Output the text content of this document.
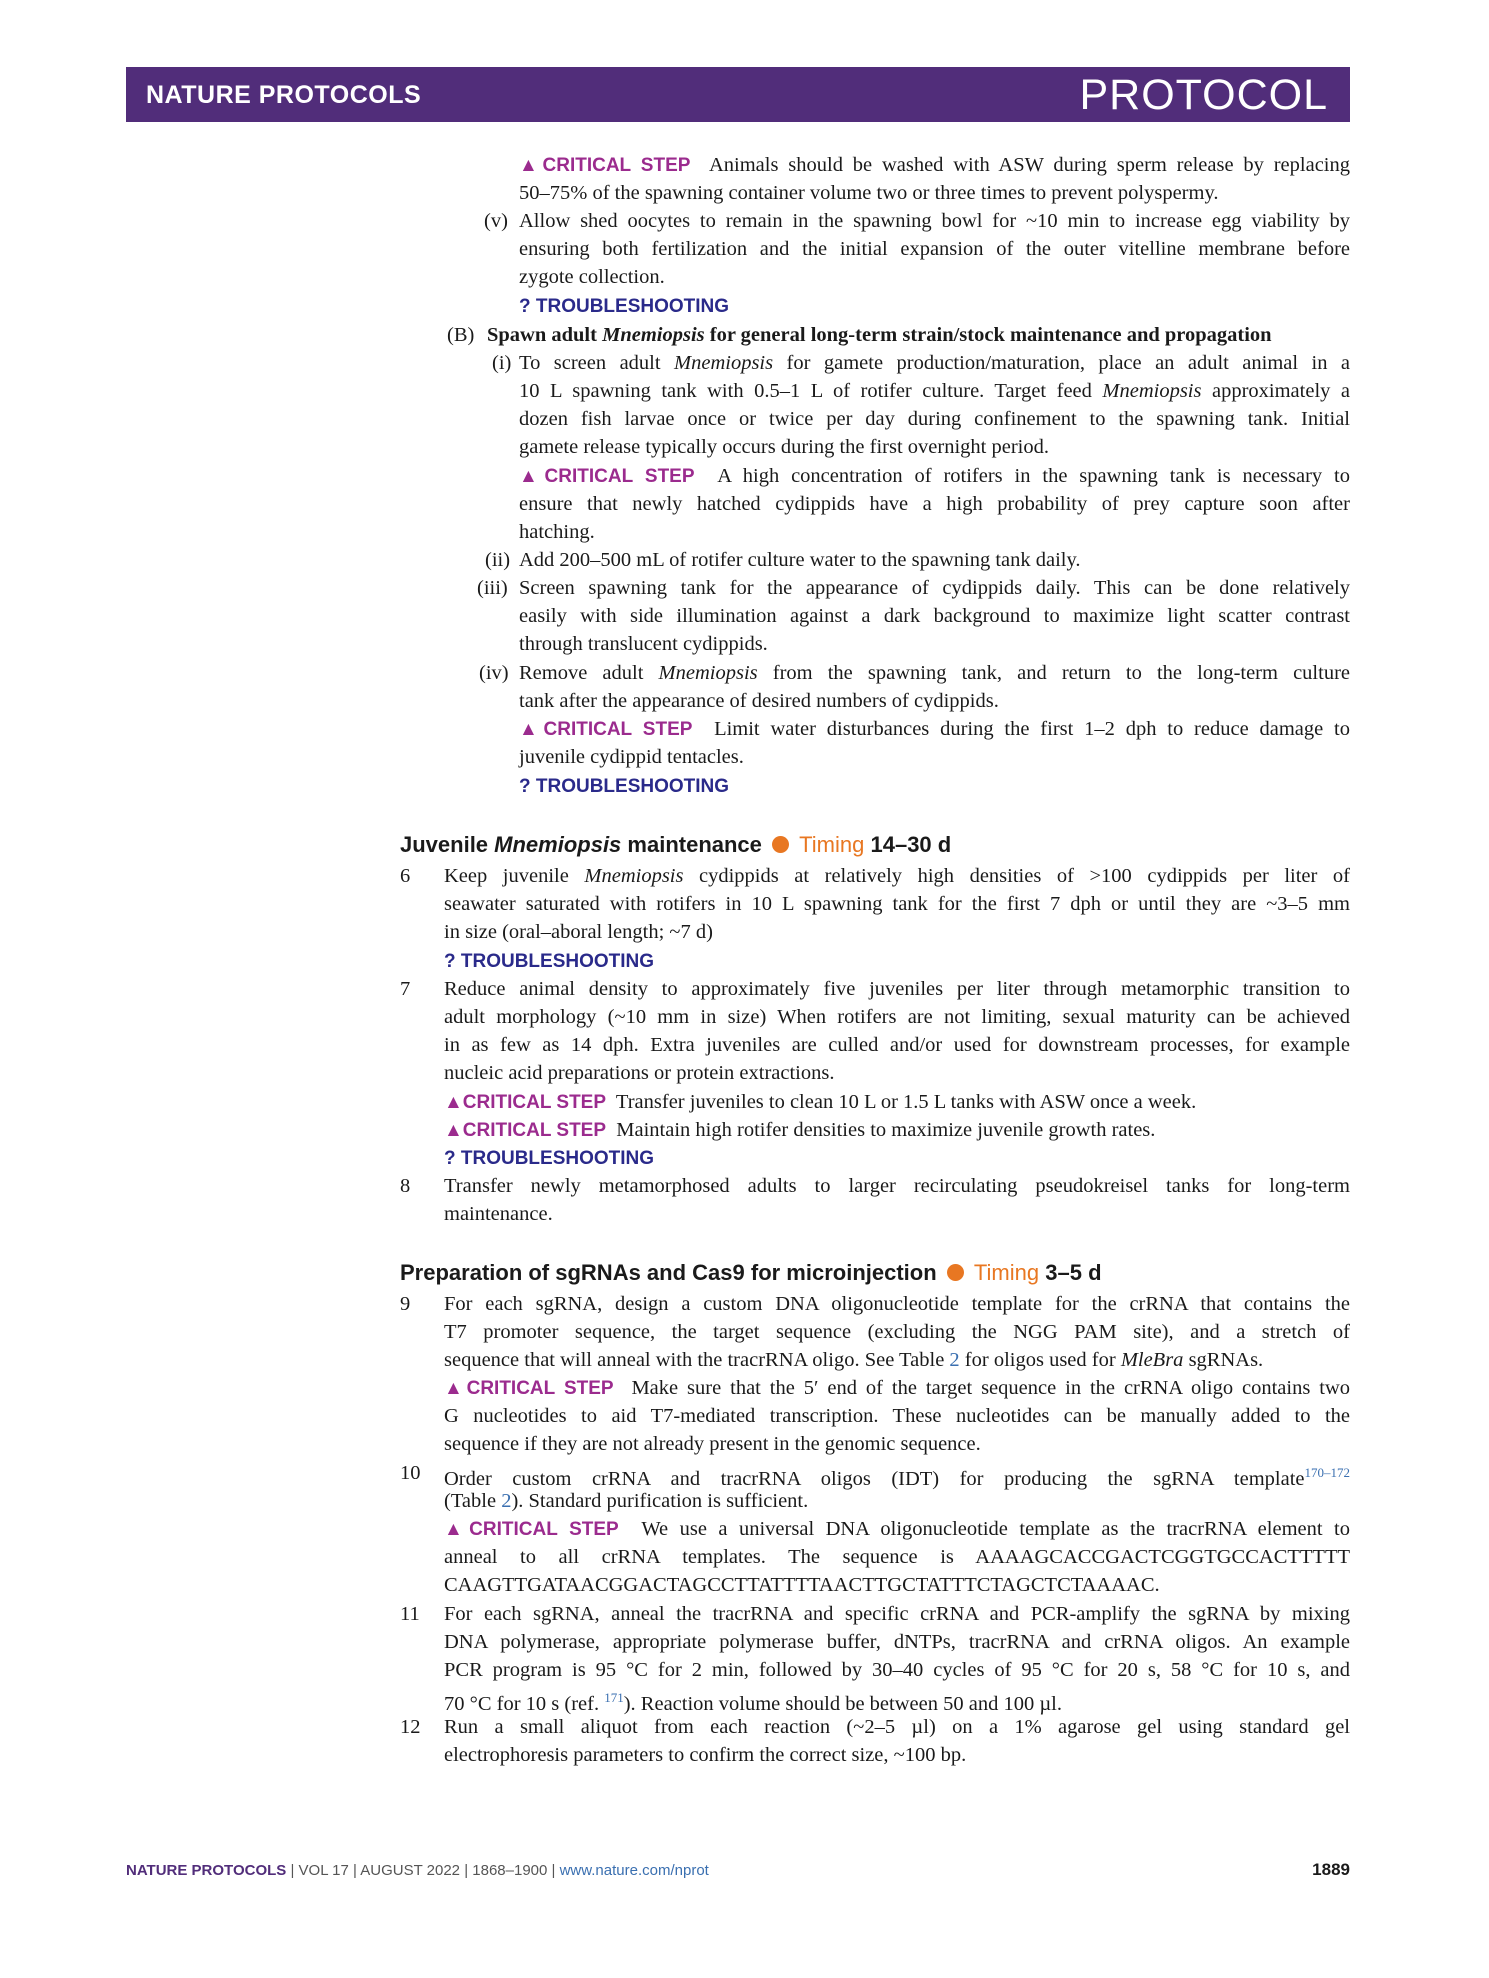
NATURE PROTOCOLS	PROTOCOL
▲CRITICAL STEP Animals should be washed with ASW during sperm release by replacing
50–75% of the spawning container volume two or three times to prevent polyspermy.
(v) Allow shed oocytes to remain in the spawning bowl for ~10 min to increase egg viability by
ensuring both fertilization and the initial expansion of the outer vitelline membrane before
zygote collection.
? TROUBLESHOOTING
(B) Spawn adult Mnemiopsis for general long-term strain/stock maintenance and propagation
(i) To screen adult Mnemiopsis for gamete production/maturation, place an adult animal in a
10 L spawning tank with 0.5–1 L of rotifer culture. Target feed Mnemiopsis approximately a
dozen fish larvae once or twice per day during confinement to the spawning tank. Initial
gamete release typically occurs during the first overnight period.
▲CRITICAL STEP A high concentration of rotifers in the spawning tank is necessary to
ensure that newly hatched cydippids have a high probability of prey capture soon after
hatching.
(ii) Add 200–500 mL of rotifer culture water to the spawning tank daily.
(iii) Screen spawning tank for the appearance of cydippids daily. This can be done relatively
easily with side illumination against a dark background to maximize light scatter contrast
through translucent cydippids.
(iv) Remove adult Mnemiopsis from the spawning tank, and return to the long-term culture
tank after the appearance of desired numbers of cydippids.
▲CRITICAL STEP Limit water disturbances during the first 1–2 dph to reduce damage to
juvenile cydippid tentacles.
? TROUBLESHOOTING
Juvenile Mnemiopsis maintenance Timing 14–30 d
6 Keep juvenile Mnemiopsis cydippids at relatively high densities of >100 cydippids per liter of
seawater saturated with rotifers in 10 L spawning tank for the first 7 dph or until they are ~3–5 mm
in size (oral–aboral length; ~7 d)
? TROUBLESHOOTING
7 Reduce animal density to approximately five juveniles per liter through metamorphic transition to
adult morphology (~10 mm in size) When rotifers are not limiting, sexual maturity can be achieved
in as few as 14 dph. Extra juveniles are culled and/or used for downstream processes, for example
nucleic acid preparations or protein extractions.
▲CRITICAL STEP Transfer juveniles to clean 10 L or 1.5 L tanks with ASW once a week.
▲CRITICAL STEP Maintain high rotifer densities to maximize juvenile growth rates.
? TROUBLESHOOTING
8 Transfer newly metamorphosed adults to larger recirculating pseudokreisel tanks for long-term
maintenance.
Preparation of sgRNAs and Cas9 for microinjection Timing 3–5 d
9 For each sgRNA, design a custom DNA oligonucleotide template for the crRNA that contains the
T7 promoter sequence, the target sequence (excluding the NGG PAM site), and a stretch of
sequence that will anneal with the tracrRNA oligo. See Table 2 for oligos used for MleBra sgRNAs.
▲CRITICAL STEP Make sure that the 5′ end of the target sequence in the crRNA oligo contains two
G nucleotides to aid T7-mediated transcription. These nucleotides can be manually added to the
sequence if they are not already present in the genomic sequence.
10 Order custom crRNA and tracrRNA oligos (IDT) for producing the sgRNA template$^{170-172}$
(Table 2). Standard purification is sufficient.
▲CRITICAL STEP We use a universal DNA oligonucleotide template as the tracrRNA element to
anneal to all crRNA templates. The sequence is AAAAGCACCGACTCGGTGCCACTTTTT
CAAGTTGATAACGGACTAGCCTTATTTTAACTTGCTATTTCTAGCTCTAAAAC.
11 For each sgRNA, anneal the tracrRNA and specific crRNA and PCR-amplify the sgRNA by mixing
DNA polymerase, appropriate polymerase buffer, dNTPs, tracrRNA and crRNA oligos. An example
PCR program is 95 °C for 2 min, followed by 30–40 cycles of 95 °C for 20 s, 58 °C for 10 s, and
70 °C for 10 s (ref. $^{171}$). Reaction volume should be between 50 and 100 µl.
12 Run a small aliquot from each reaction (~2–5 µl) on a 1% agarose gel using standard gel
electrophoresis parameters to confirm the correct size, ~100 bp.
NATURE PROTOCOLS | VOL 17 | AUGUST 2022 | 1868–1900 | www.nature.com/nprot	1889
